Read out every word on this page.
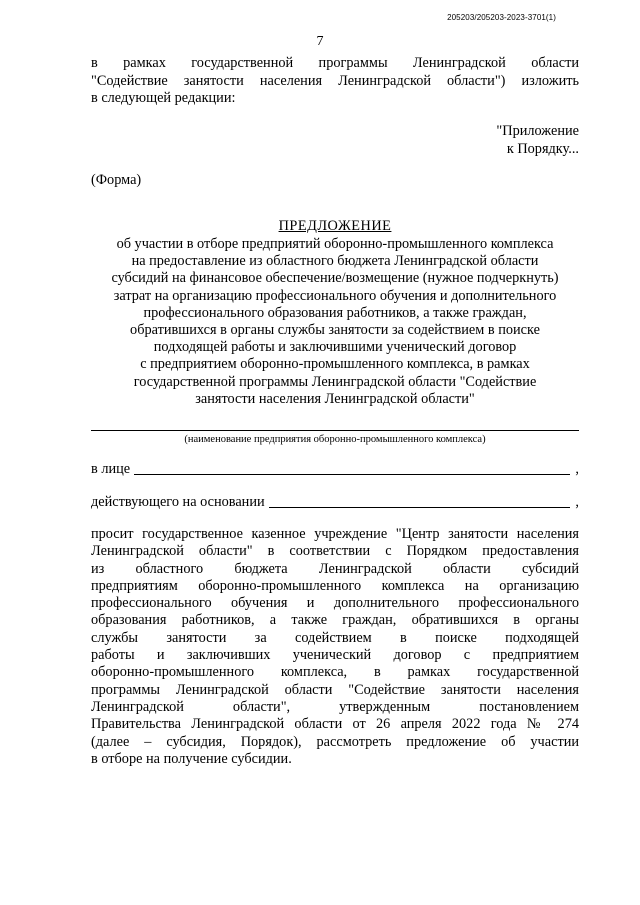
205203/205203-2023-3701(1)
7
в рамках государственной программы Ленинградской области
"Содействие занятости населения Ленинградской области") изложить
в следующей редакции:
"Приложение
к Порядку...
(Форма)
ПРЕДЛОЖЕНИЕ
об участии в отборе предприятий оборонно-промышленного комплекса
на предоставление из областного бюджета Ленинградской области
субсидий на финансовое обеспечение/возмещение (нужное подчеркнуть)
затрат на организацию профессионального обучения и дополнительного
профессионального образования работников, а также граждан,
обратившихся в органы службы занятости за содействием в поиске
подходящей работы и заключившими ученический договор
с предприятием оборонно-промышленного комплекса, в рамках
государственной программы Ленинградской области "Содействие
занятости населения Ленинградской области"
(наименование предприятия оборонно-промышленного комплекса)
в лице	,
действующего на основании	,
просит государственное казенное учреждение "Центр занятости населения
Ленинградской области" в соответствии с Порядком предоставления
из областного бюджета Ленинградской области субсидий
предприятиям оборонно-промышленного комплекса на организацию
профессионального обучения и дополнительного профессионального
образования работников, а также граждан, обратившихся в органы
службы занятости за содействием в поиске подходящей
работы и заключивших ученический договор с предприятием
оборонно-промышленного комплекса, в рамках государственной
программы Ленинградской области "Содействие занятости населения
Ленинградской области", утвержденным постановлением
Правительства Ленинградской области от 26 апреля 2022 года № 274
(далее – субсидия, Порядок), рассмотреть предложение об участии
в отборе на получение субсидии.
